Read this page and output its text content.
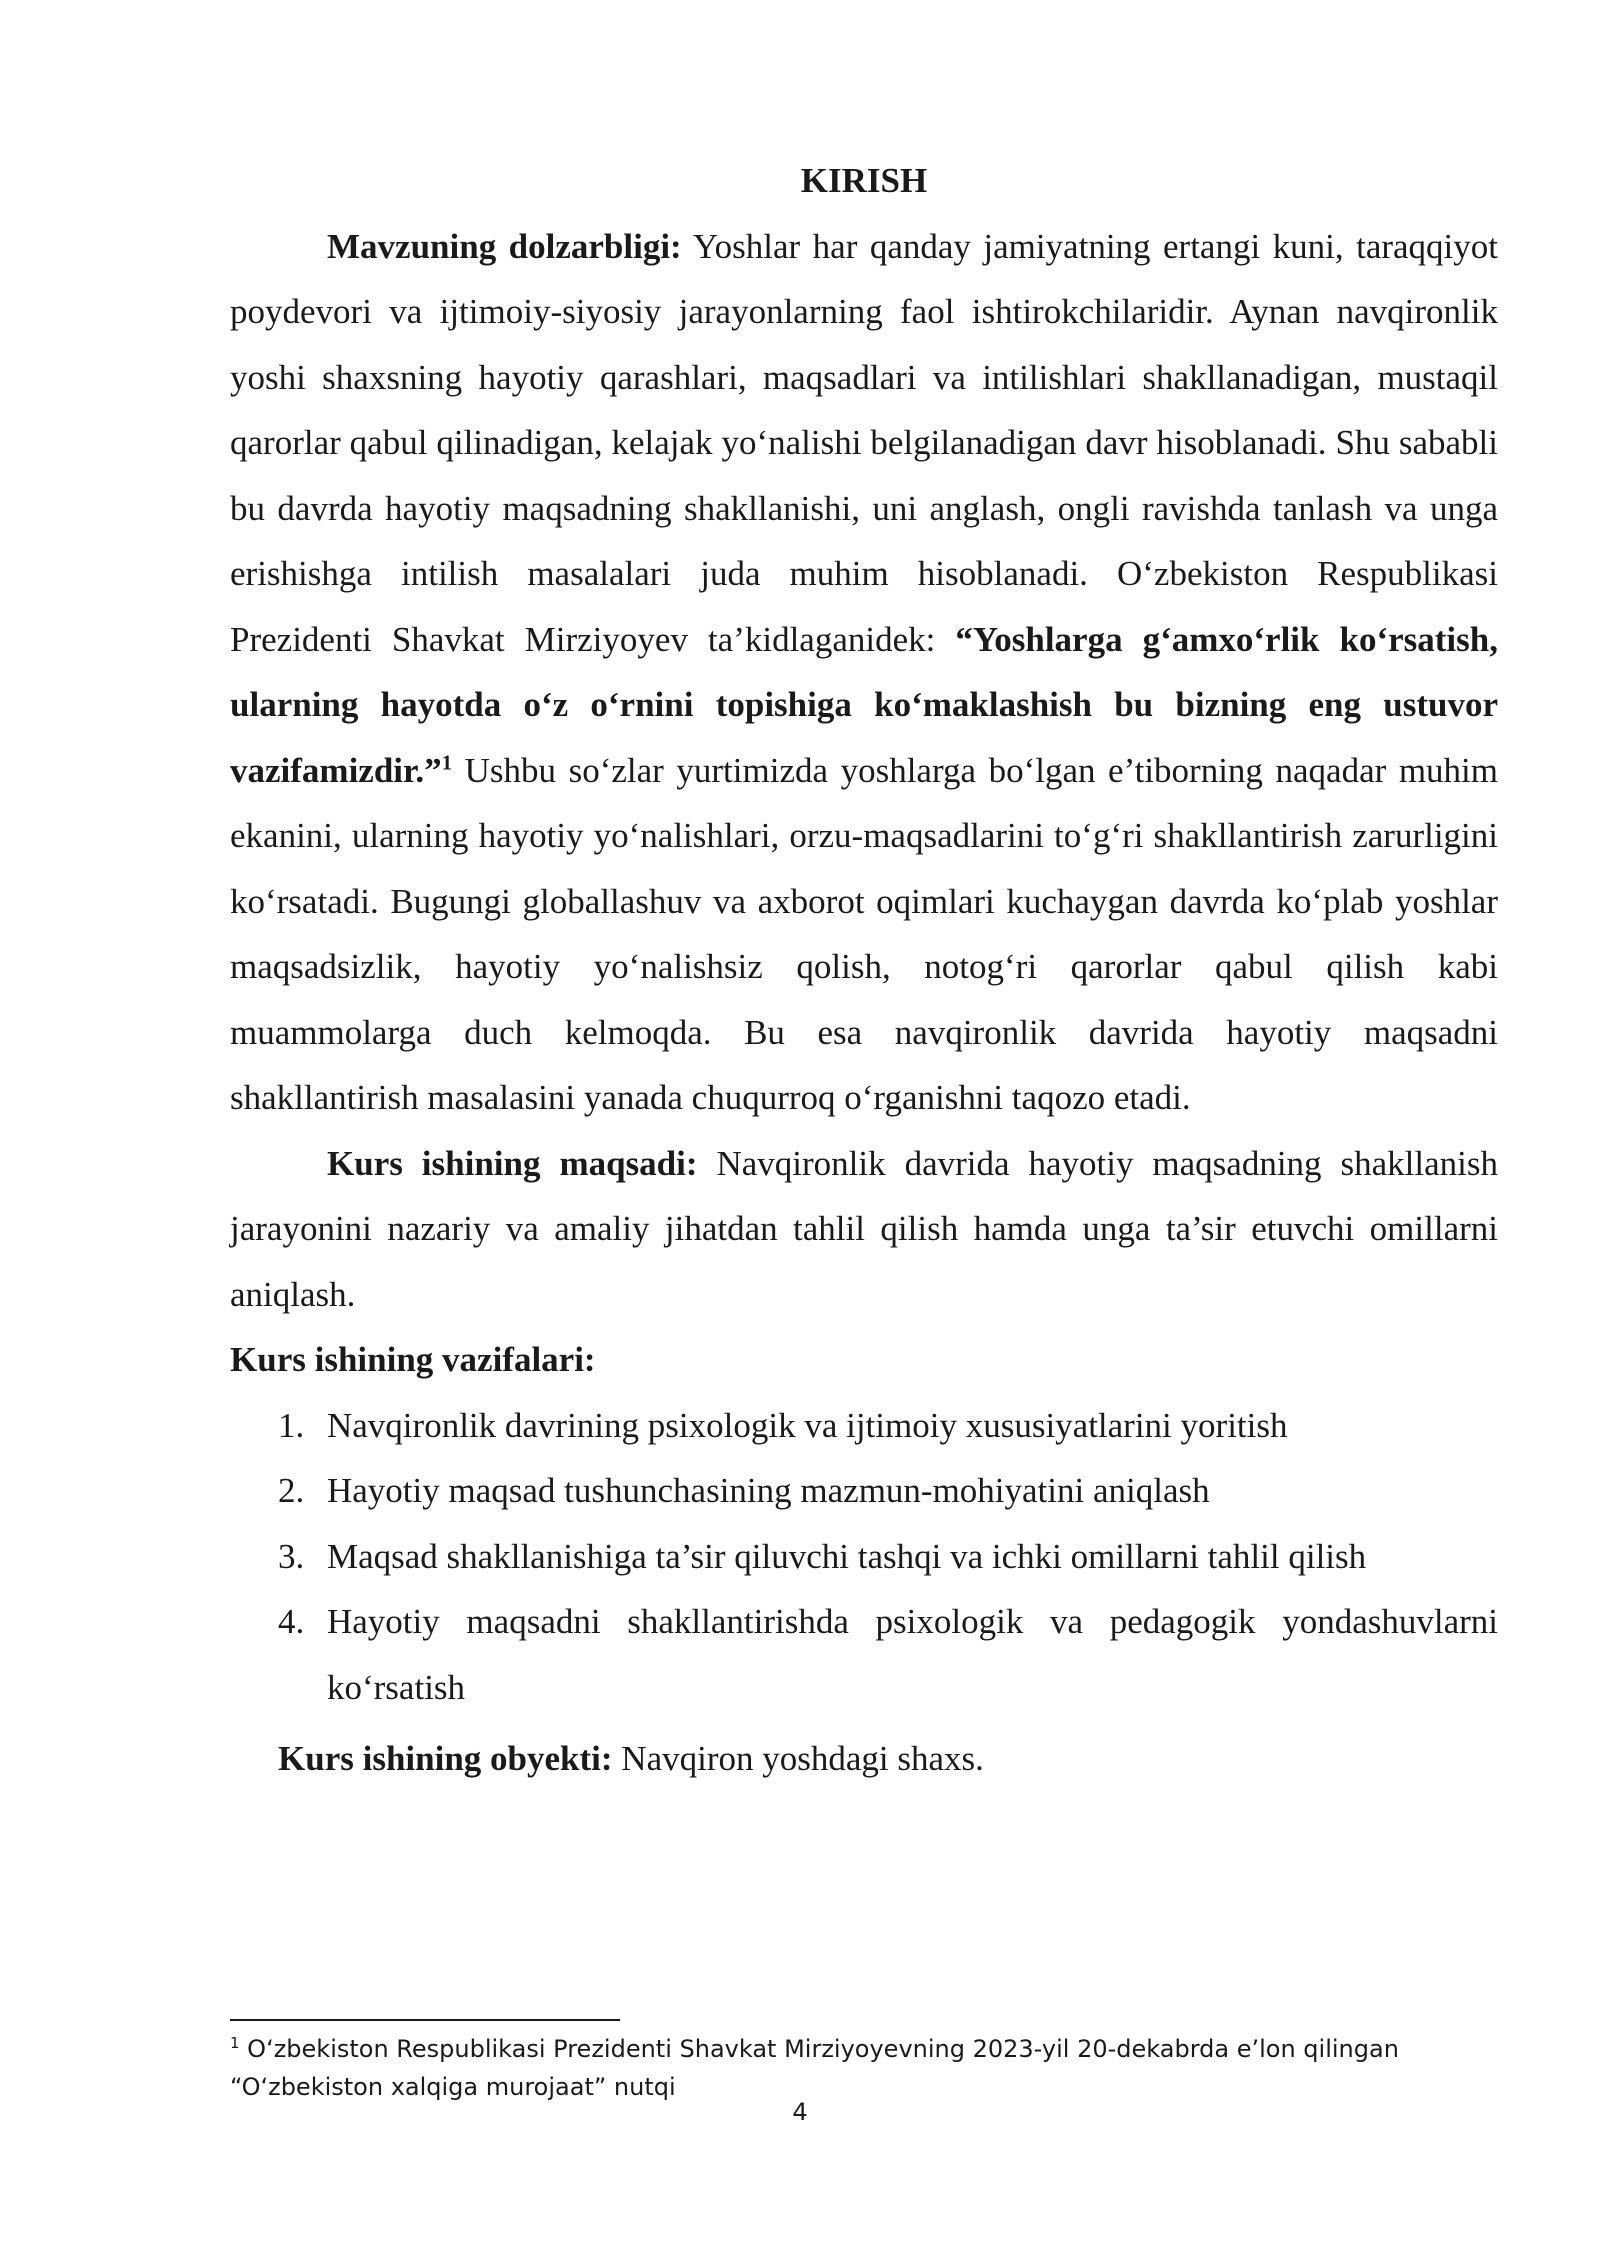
KIRISH

Mavzuning dolzarbligi: Yoshlar har qanday jamiyatning ertangi kuni, taraqqiyot poydevori va ijtimoiy-siyosiy jarayonlarning faol ishtirokchilaridir. Aynan navqironlik yoshi shaxsning hayotiy qarashlari, maqsadlari va intilishlari shakllanadigan, mustaqil qarorlar qabul qilinadigan, kelajak yo‘nalishi belgilanadigan davr hisoblanadi. Shu sababli bu davrda hayotiy maqsadning shakllanishi, uni anglash, ongli ravishda tanlash va unga erishishga intilish masalalari juda muhim hisoblanadi. O‘zbekiston Respublikasi Prezidenti Shavkat Mirziyoyev ta’kidlaganidek: “Yoshlarga g‘amxo‘rlik ko‘rsatish, ularning hayotda o‘z o‘rnini topishiga ko‘maklashish bu bizning eng ustuvor vazifamizdir.”$^1$ Ushbu so‘zlar yurtimizda yoshlarga bo‘lgan e’tiborning naqadar muhim ekanini, ularning hayotiy yo‘nalishlari, orzu-maqsadlarini to‘g‘ri shakllantirish zarurligini ko‘rsatadi. Bugungi globallashuv va axborot oqimlari kuchaygan davrda ko‘plab yoshlar maqsadsizlik, hayotiy yo‘nalishsiz qolish, notog‘ri qarorlar qabul qilish kabi muammolarga duch kelmoqda. Bu esa navqironlik davrida hayotiy maqsadni shakllantirish masalasini yanada chuqurroq o‘rganishni taqozo etadi.

Kurs ishining maqsadi: Navqironlik davrida hayotiy maqsadning shakllanish jarayonini nazariy va amaliy jihatdan tahlil qilish hamda unga ta’sir etuvchi omillarni aniqlash.

Kurs ishining vazifalari:

1. Navqironlik davrining psixologik va ijtimoiy xususiyatlarini yoritish
2. Hayotiy maqsad tushunchasining mazmun-mohiyatini aniqlash
3. Maqsad shakllanishiga ta’sir qiluvchi tashqi va ichki omillarni tahlil qilish
4. Hayotiy maqsadni shakllantirishda psixologik va pedagogik yondashuvlarni ko‘rsatish

Kurs ishining obyekti: Navqiron yoshdagi shaxs.

$^1$ O‘zbekiston Respublikasi Prezidenti Shavkat Mirziyoyevning 2023-yil 20-dekabrda e’lon qilingan “O‘zbekiston xalqiga murojaat” nutqi
4
